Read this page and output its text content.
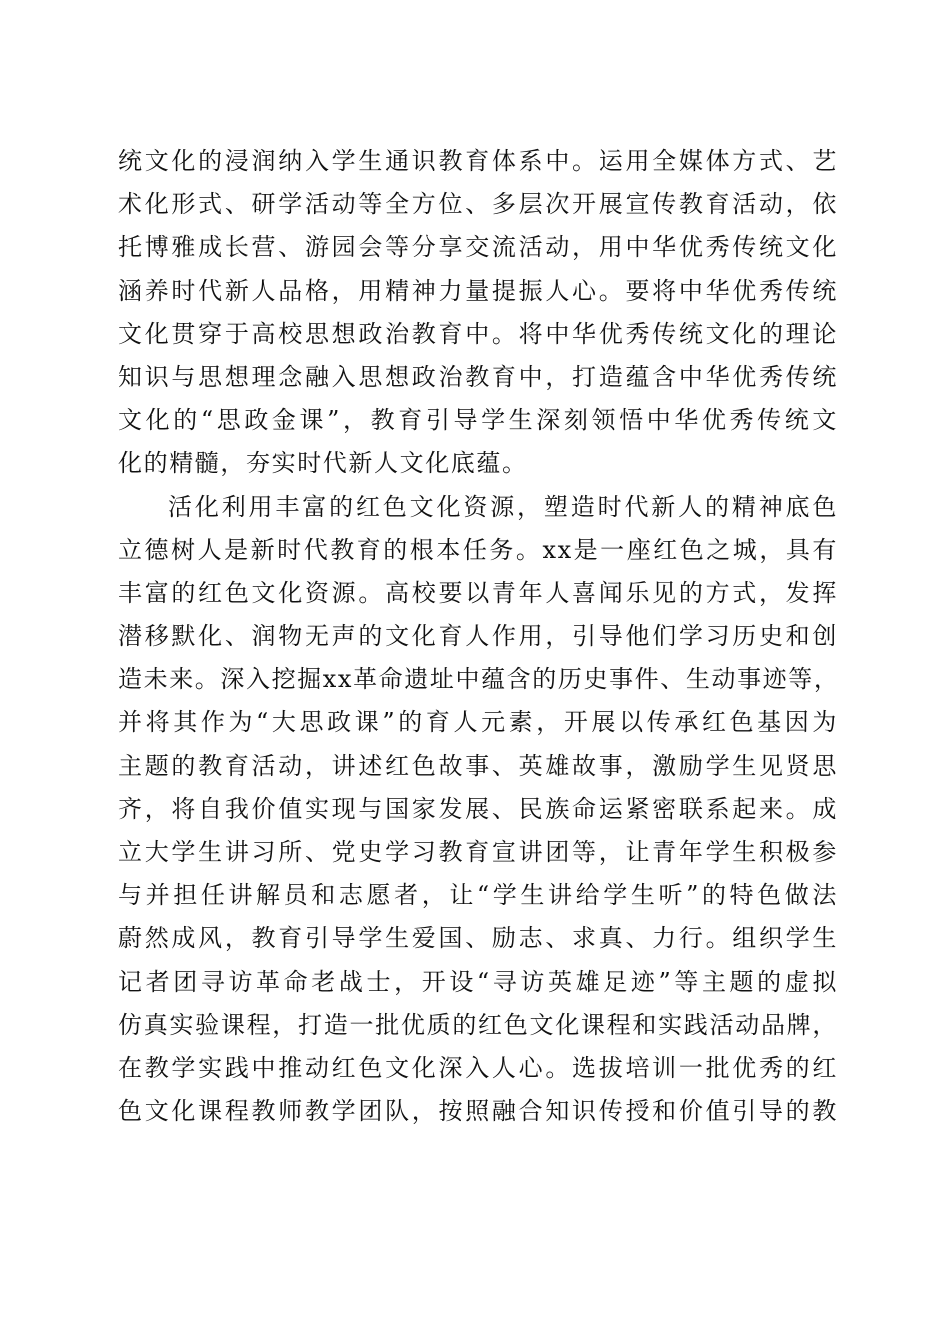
统文化的浸润纳入学生通识教育体系中。运用全媒体方式、艺
术化形式、研学活动等全方位、多层次开展宣传教育活动，依
托博雅成长营、游园会等分享交流活动，用中华优秀传统文化
涵养时代新人品格，用精神力量提振人心。要将中华优秀传统
文化贯穿于高校思想政治教育中。将中华优秀传统文化的理论
知识与思想理念融入思想政治教育中，打造蕴含中华优秀传统
文化的“思政金课”，教育引导学生深刻领悟中华优秀传统文
化的精髓，夯实时代新人文化底蕴。
活化利用丰富的红色文化资源，塑造时代新人的精神底色
立德树人是新时代教育的根本任务。xx是一座红色之城，具有
丰富的红色文化资源。高校要以青年人喜闻乐见的方式，发挥
潜移默化、润物无声的文化育人作用，引导他们学习历史和创
造未来。深入挖掘xx革命遗址中蕴含的历史事件、生动事迹等，
并将其作为“大思政课”的育人元素，开展以传承红色基因为
主题的教育活动，讲述红色故事、英雄故事，激励学生见贤思
齐，将自我价值实现与国家发展、民族命运紧密联系起来。成
立大学生讲习所、党史学习教育宣讲团等，让青年学生积极参
与并担任讲解员和志愿者，让“学生讲给学生听”的特色做法
蔚然成风，教育引导学生爱国、励志、求真、力行。组织学生
记者团寻访革命老战士，开设“寻访英雄足迹”等主题的虚拟
仿真实验课程，打造一批优质的红色文化课程和实践活动品牌，
在教学实践中推动红色文化深入人心。选拔培训一批优秀的红
色文化课程教师教学团队，按照融合知识传授和价值引导的教
